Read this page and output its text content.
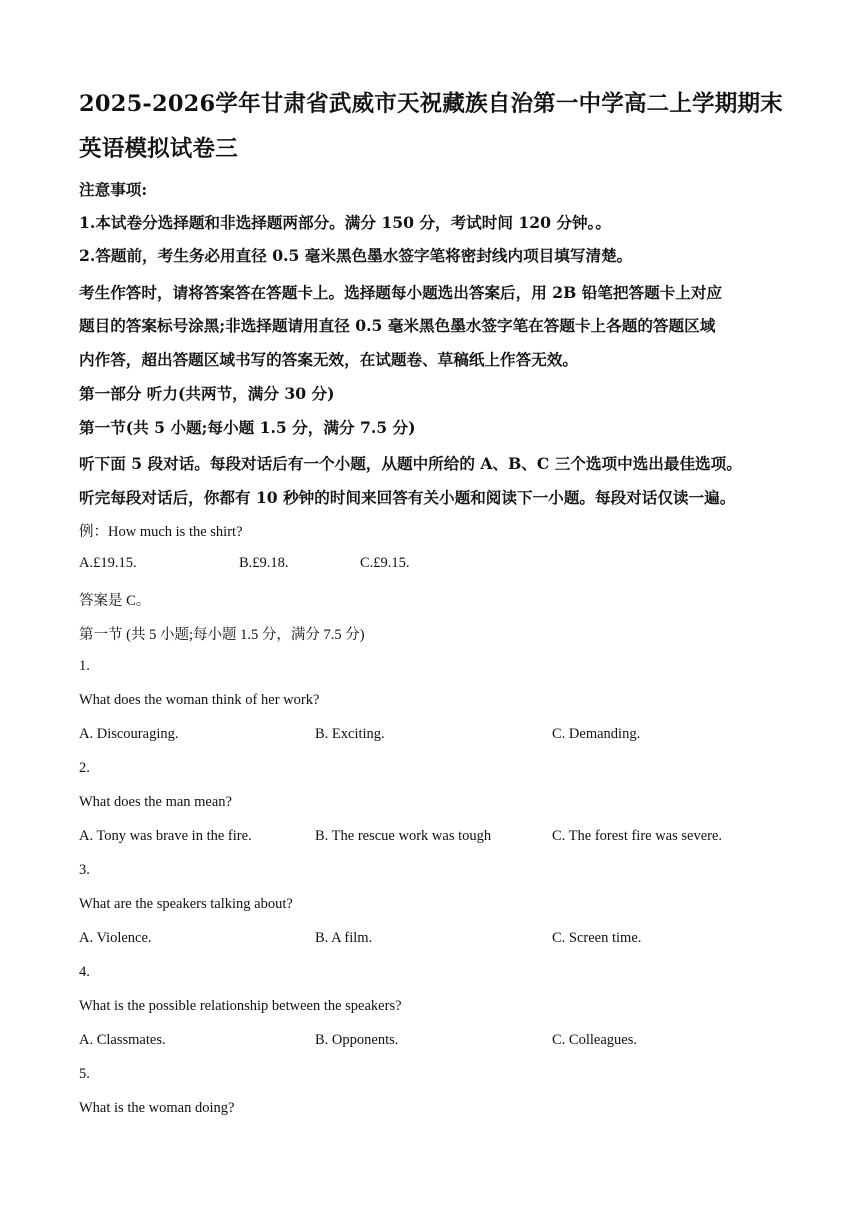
2025-2026学年甘肃省武威市天祝藏族自治第一中学高二上学期期末
英语模拟试卷三
注意事项:
1.本试卷分选择题和非选择题两部分。满分 150 分，考试时间 120 分钟。。
2.答题前，考生务必用直径 0.5 毫米黑色墨水签字笔将密封线内项目填写清楚。
考生作答时，请将答案答在答题卡上。选择题每小题选出答案后，用 2B 铅笔把答题卡上对应
题目的答案标号涂黑;非选择题请用直径 0.5 毫米黑色墨水签字笔在答题卡上各题的答题区域
内作答，超出答题区域书写的答案无效，在试题卷、草稿纸上作答无效。
第一部分 听力(共两节，满分 30 分)
第一节(共 5 小题;每小题 1.5 分，满分 7.5 分)
听下面 5 段对话。每段对话后有一个小题，从题中所给的 A、B、C 三个选项中选出最佳选项。
听完每段对话后，你都有 10 秒钟的时间来回答有关小题和阅读下一小题。每段对话仅读一遍。
例：How much is the shirt?
A.£19.15.	B.£9.18.	C.£9.15.
答案是 C。
第一节 (共 5 小题;每小题 1.5 分，满分 7.5 分)
1.
What does the woman think of her work?
A. Discouraging.	B. Exciting.	C. Demanding.
2.
What does the man mean?
A. Tony was brave in the fire.	B. The rescue work was tough	C. The forest fire was severe.
3.
What are the speakers talking about?
A. Violence.	B. A film.	C. Screen time.
4.
What is the possible relationship between the speakers?
A. Classmates.	B. Opponents.	C. Colleagues.
5.
What is the woman doing?
